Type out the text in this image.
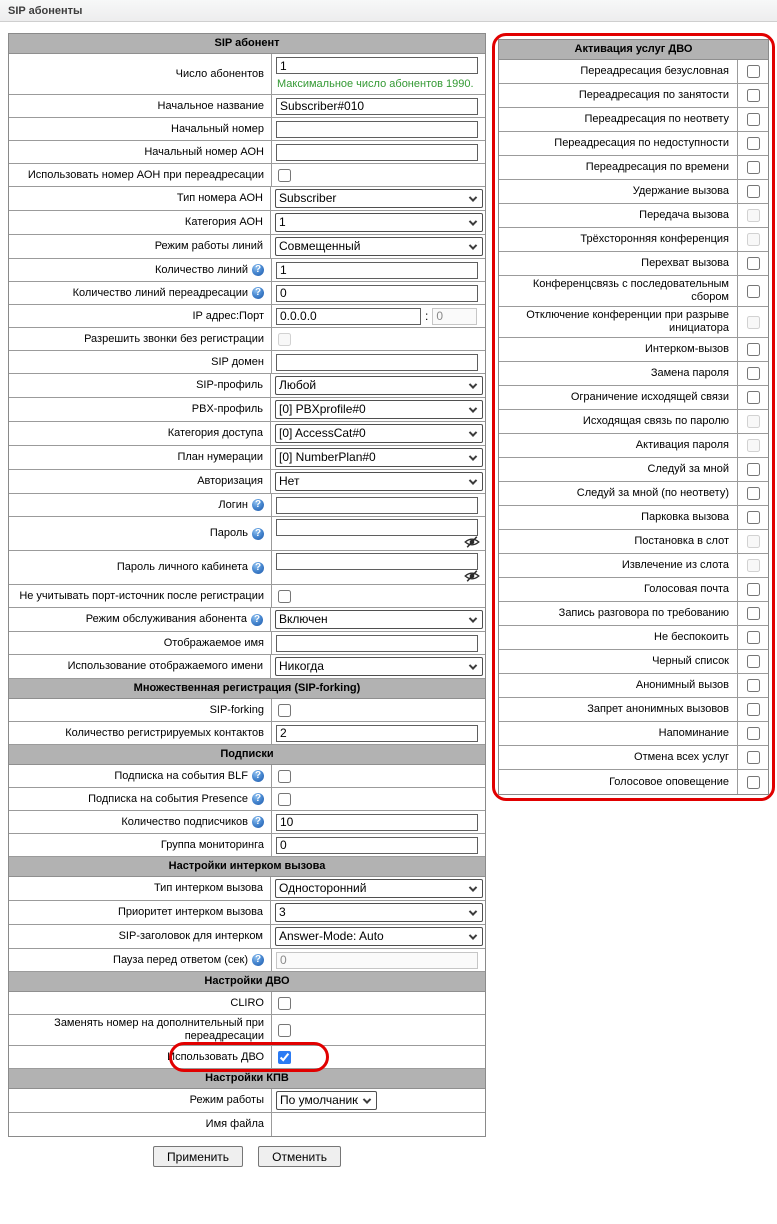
SIP абоненты
SIP абонент
Число абонентов
1
Максимальное число абонентов 1990.
Начальное название
Subscriber#010
Начальный номер
Начальный номер АОН
Использовать номер АОН при переадресации
Тип номера АОН
Subscriber
Категория АОН
1
Режим работы линий
Совмещенный
Количество линий
?
1
Количество линий переадресации
?
0
IP адрес:Порт
0.0.0.0	:
0
Разрешить звонки без регистрации
SIP домен
SIP-профиль
Любой
PBX-профиль
[0] PBXprofile#0
Категория доступа
[0] AccessCat#0
План нумерации
[0] NumberPlan#0
Авторизация
Нет
Логин
?
Пароль
?
Пароль личного кабинета
?
Не учитывать порт-источник после регистрации
Режим обслуживания абонента
?
Включен
Отображаемое имя
Использование отображаемого имени
Никогда
Множественная регистрация (SIP-forking)
SIP-forking
Количество регистрируемых контактов
2
Подписки
Подписка на события BLF
?
Подписка на события Presence
?
Количество подписчиков
?
10
Группа мониторинга
0
Настройки интерком вызова
Тип интерком вызова
Односторонний
Приоритет интерком вызова
3
SIP-заголовок для интерком
Answer-Mode: Auto
Пауза перед ответом (сек)
?
0
Настройки ДВО
CLIRO
Заменять номер на дополнительный при переадресации
Использовать ДВО
Настройки КПВ
Режим работы
По умолчанию
Имя файла
Применить	Отменить
Активация услуг ДВО
Переадресация безусловная
Переадресация по занятости
Переадресация по неответу
Переадресация по недоступности
Переадресация по времени
Удержание вызова
Передача вызова
Трёхсторонняя конференция
Перехват вызова
Конференцсвязь с последовательным сбором
Отключение конференции при разрыве инициатора
Интерком-вызов
Замена пароля
Ограничение исходящей связи
Исходящая связь по паролю
Активация пароля
Следуй за мной
Следуй за мной (по неответу)
Парковка вызова
Постановка в слот
Извлечение из слота
Голосовая почта
Запись разговора по требованию
Не беспокоить
Черный список
Анонимный вызов
Запрет анонимных вызовов
Напоминание
Отмена всех услуг
Голосовое оповещение
